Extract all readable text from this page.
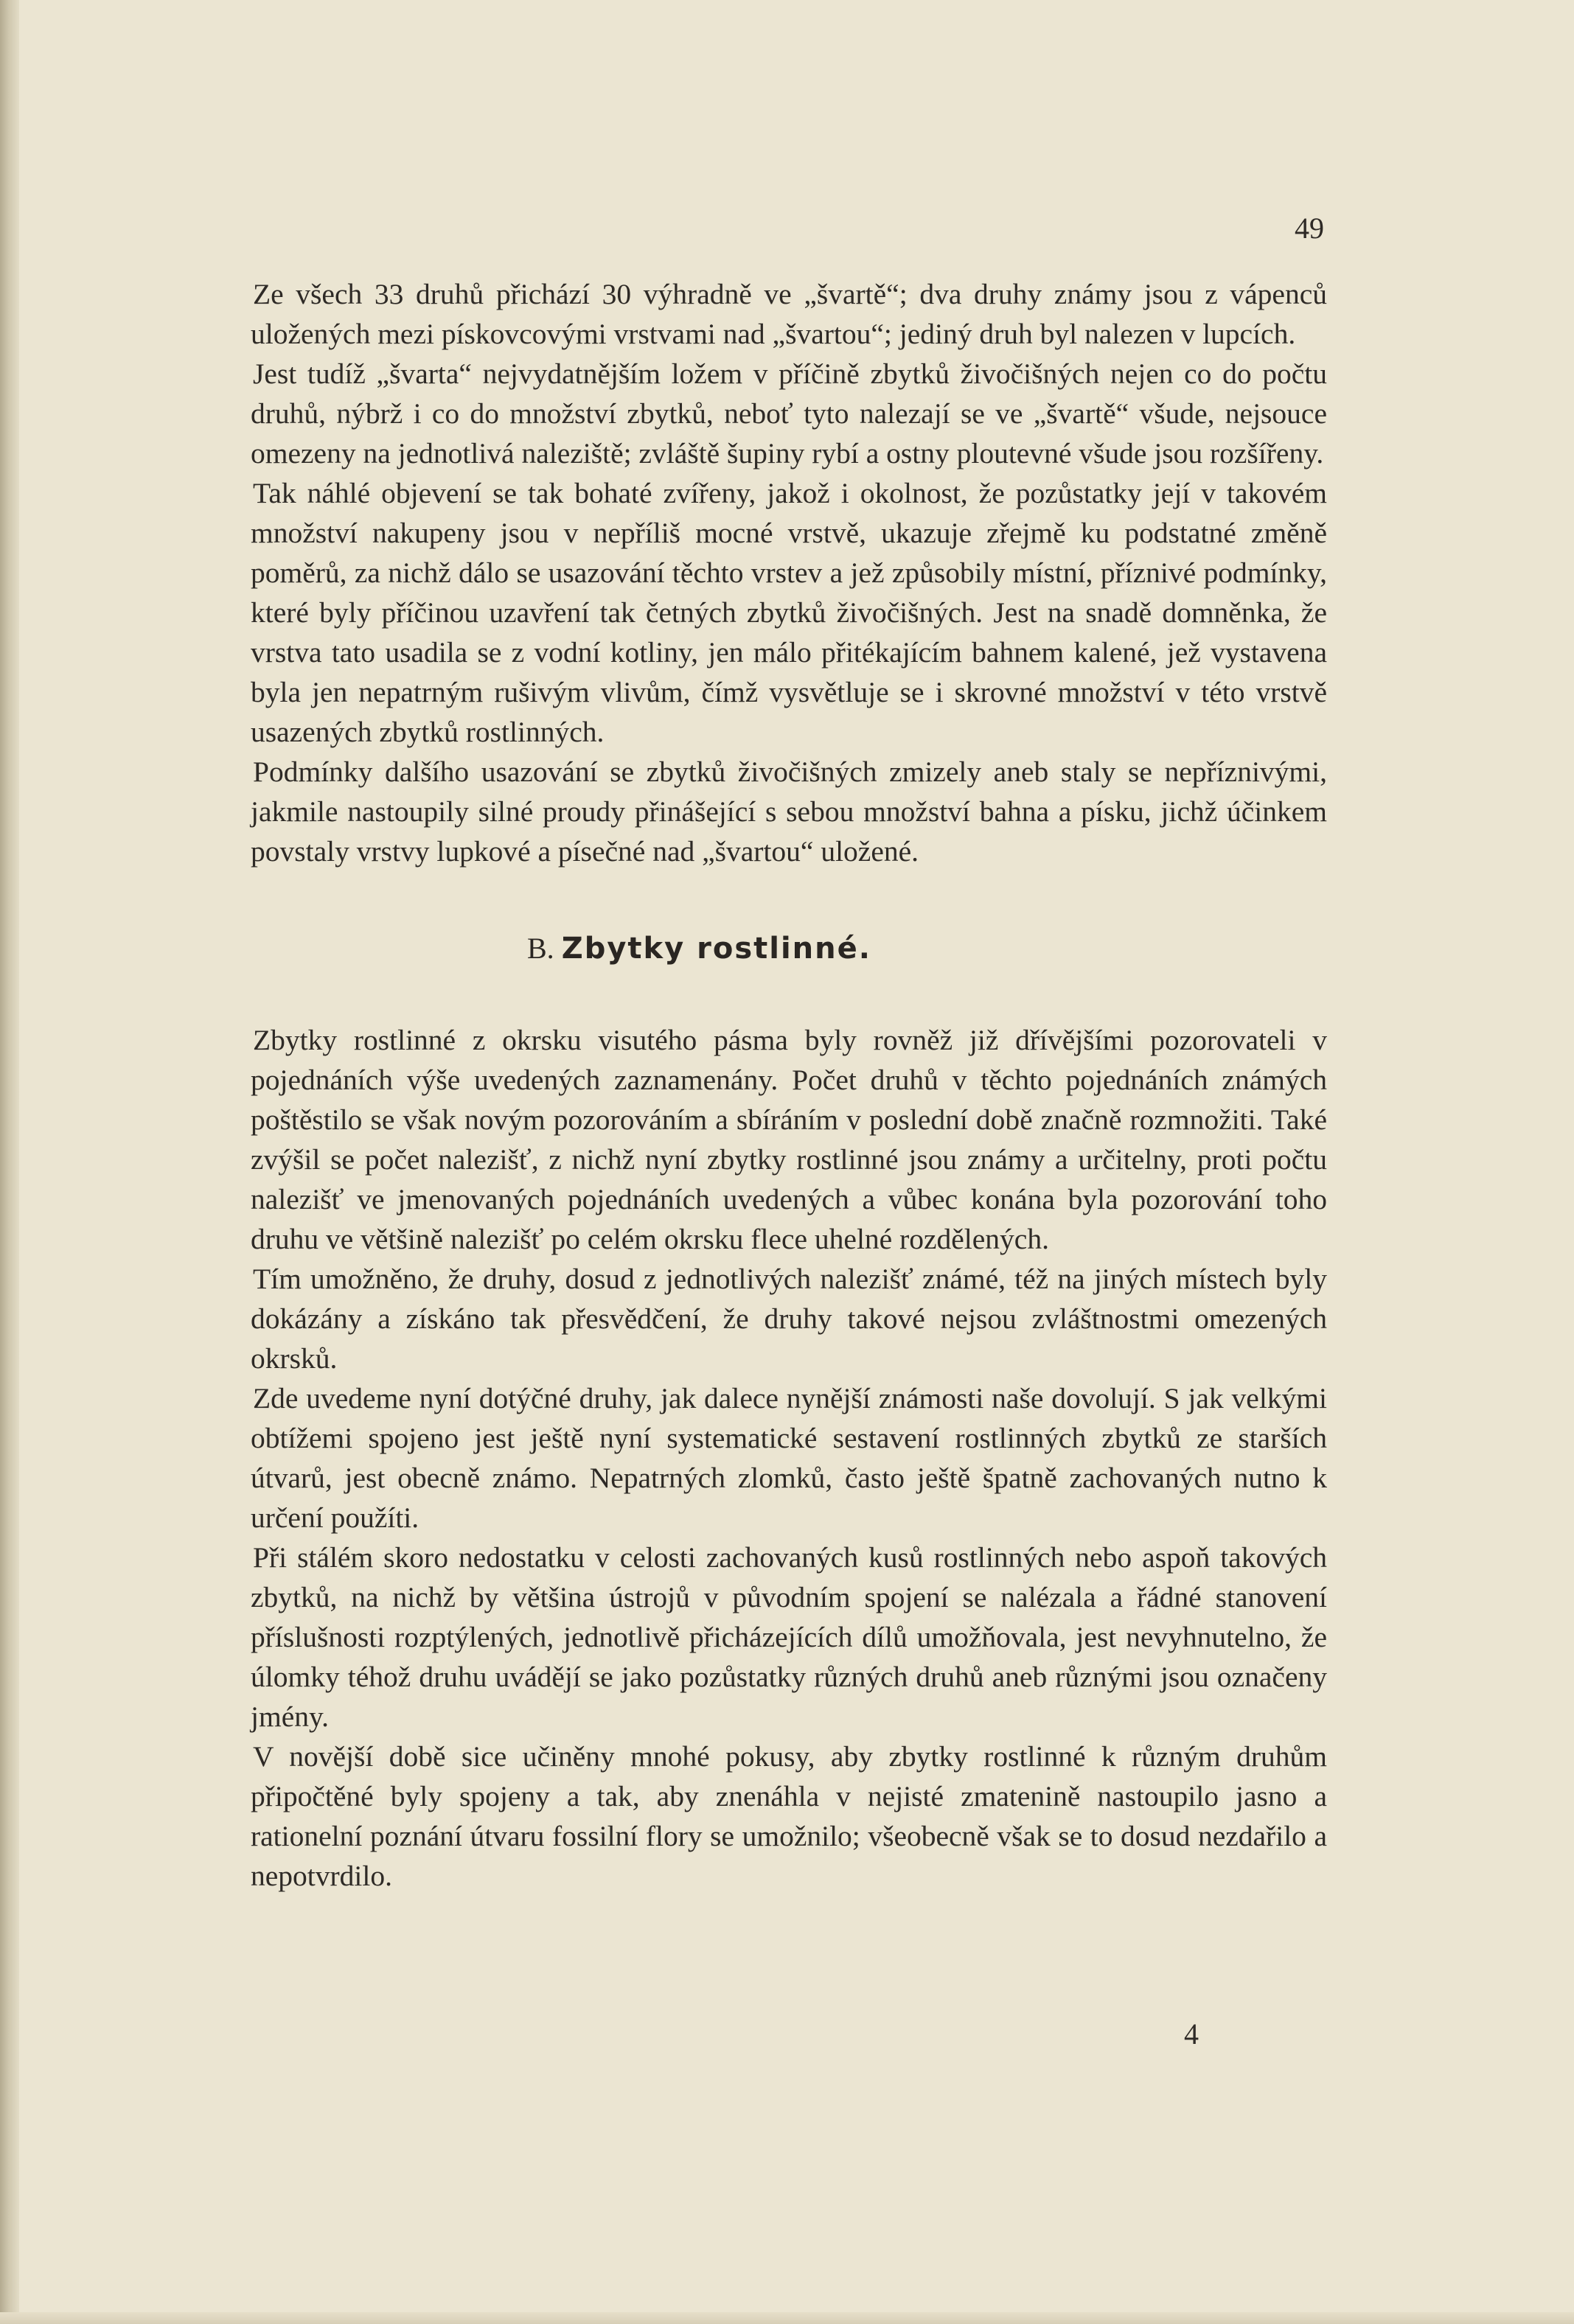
49

Ze všech 33 druhů přichází 30 výhradně ve „švartě“; dva druhy známy jsou z vápenců uložených mezi pískovcovými vrstvami nad „švartou“; jediný druh byl nalezen v lupcích.

Jest tudíž „švarta“ nejvydatnějším ložem v příčině zbytků živočišných nejen co do počtu druhů, nýbrž i co do množství zbytků, neboť tyto nalezají se ve „švartě“ všude, nejsouce omezeny na jednotlivá naleziště; zvláště šupiny rybí a ostny ploutevné všude jsou rozšířeny.

Tak náhlé objevení se tak bohaté zvířeny, jakož i okolnost, že pozůstatky její v takovém množství nakupeny jsou v nepříliš mocné vrstvě, ukazuje zřejmě ku podstatné změně poměrů, za nichž dálo se usazování těchto vrstev a jež způsobily místní, příznivé podmínky, které byly příčinou uzavření tak četných zbytků živočišných. Jest na snadě domněnka, že vrstva tato usadila se z vodní kotliny, jen málo přitékajícím bahnem kalené, jež vystavena byla jen nepatrným rušivým vlivům, čímž vysvětluje se i skrovné množství v této vrstvě usazených zbytků rostlinných.

Podmínky dalšího usazování se zbytků živočišných zmizely aneb staly se nepříznivými, jakmile nastoupily silné proudy přinášející s sebou množství bahna a písku, jichž účinkem povstaly vrstvy lupkové a písečné nad „švartou“ uložené.

B. Zbytky rostlinné.

Zbytky rostlinné z okrsku visutého pásma byly rovněž již dřívějšími pozorovateli v pojednáních výše uvedených zaznamenány. Počet druhů v těchto pojednáních známých poštěstilo se však novým pozorováním a sbíráním v poslední době značně rozmnožiti. Také zvýšil se počet nalezišť, z nichž nyní zbytky rostlinné jsou známy a určitelny, proti počtu nalezišť ve jmenovaných pojednáních uvedených a vůbec konána byla pozorování toho druhu ve většině nalezišť po celém okrsku flece uhelné rozdělených.

Tím umožněno, že druhy, dosud z jednotlivých nalezišť známé, též na jiných místech byly dokázány a získáno tak přesvědčení, že druhy takové nejsou zvláštnostmi omezených okrsků.

Zde uvedeme nyní dotýčné druhy, jak dalece nynější známosti naše dovolují. S jak velkými obtížemi spojeno jest ještě nyní systematické sestavení rostlinných zbytků ze starších útvarů, jest obecně známo. Nepatrných zlomků, často ještě špatně zachovaných nutno k určení použíti.

Při stálém skoro nedostatku v celosti zachovaných kusů rostlinných nebo aspoň takových zbytků, na nichž by většina ústrojů v původním spojení se nalézala a řádné stanovení příslušnosti rozptýlených, jednotlivě přicházejících dílů umožňovala, jest nevyhnutelno, že úlomky téhož druhu uvádějí se jako pozůstatky různých druhů aneb různými jsou označeny jmény.

V novější době sice učiněny mnohé pokusy, aby zbytky rostlinné k různým druhům připočtěné byly spojeny a tak, aby znenáhla v nejisté zmatenině nastoupilo jasno a rationelní poznání útvaru fossilní flory se umožnilo; všeobecně však se to dosud nezdařilo a nepotvrdilo.

4
